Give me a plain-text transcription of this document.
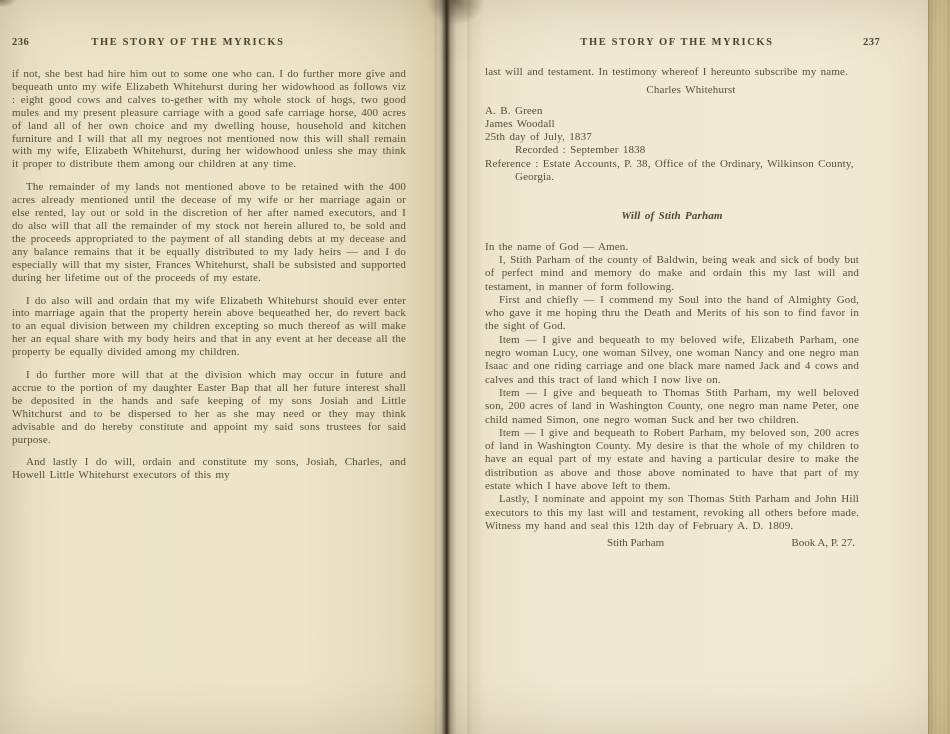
236	THE STORY OF THE MYRICKS

if not, she best had hire him out to some one who can. I do further more give and bequeath unto my wife Elizabeth Whitehurst during her widowhood as follows viz : eight good cows and calves to-gether with my whole stock of hogs, two good mules and my present pleasure carriage with a good safe carriage horse, 400 acres of land all of her own choice and my dwelling house, household and kitchen furniture and I will that all my negroes not mentioned now this will shall remain with my wife, Elizabeth Whitehurst, during her widowhood unless she may think it proper to distribute them among our children at any time.

The remainder of my lands not mentioned above to be retained with the 400 acres already mentioned until the decease of my wife or her marriage again or else rented, lay out or sold in the discretion of her after named executors, and I do also will that all the remainder of my stock not herein allured to, be sold and the proceeds appropriated to the payment of all standing debts at my decease and any balance remains that it be equally distributed to my lady heirs — and I do especially will that my sister, Frances Whitehurst, shall be subsisted and supported during her lifetime out of the proceeds of my estate.

I do also will and ordain that my wife Elizabeth Whitehurst should ever enter into marriage again that the property herein above bequeathed her, do revert back to an equal division between my children excepting so much thereof as will make her an equal share with my body heirs and that in any event at her decease all the property be equally divided among my children.

I do further more will that at the division which may occur in future and accrue to the portion of my daughter Easter Bap that all her future interest shall be deposited in the hands and safe keeping of my sons Josiah and Little Whitchurst and to be dispersed to her as she may need or they may think advisable and do hereby constitute and appoint my said sons trustees for said purpose.

And lastly I do will, ordain and constitute my sons, Josiah, Charles, and Howell Little Whitehurst executors of this my

THE STORY OF THE MYRICKS	237

last will and testament. In testimony whereof I hereunto subscribe my name.

Charles Whitehurst

A. B. Green

James Woodall

25th day of July, 1837

Recorded : September 1838

Reference : Estate Accounts, P. 38, Office of the Ordinary, Wilkinson County, Georgia.

Will of Stith Parham

In the name of God — Amen.

I, Stith Parham of the county of Baldwin, being weak and sick of body but of perfect mind and memory do make and ordain this my last will and testament, in manner of form following.

First and chiefly — I commend my Soul into the hand of Almighty God, who gave it me hoping thru the Death and Merits of his son to find favor in the sight of God.

Item — I give and bequeath to my beloved wife, Elizabeth Parham, one negro woman Lucy, one woman Silvey, one woman Nancy and one negro man Isaac and one riding carriage and one black mare named Jack and 4 cows and calves and this tract of land which I now live on.

Item — I give and bequeath to Thomas Stith Parham, my well beloved son, 200 acres of land in Washington County, one negro man name Peter, one child named Simon, one negro woman Suck and her two children.

Item — I give and bequeath to Robert Parham, my beloved son, 200 acres of land in Washington County. My desire is that the whole of my children to have an equal part of my estate and having a particular desire to make the distribution as above and those above nominated to have that part of my estate which I have above left to them.

Lastly, I nominate and appoint my son Thomas Stith Parham and John Hill executors to this my last will and testament, revoking all others before made. Witness my hand and seal this 12th day of February A. D. 1809.

Stith Parham	Book A, P. 27.
